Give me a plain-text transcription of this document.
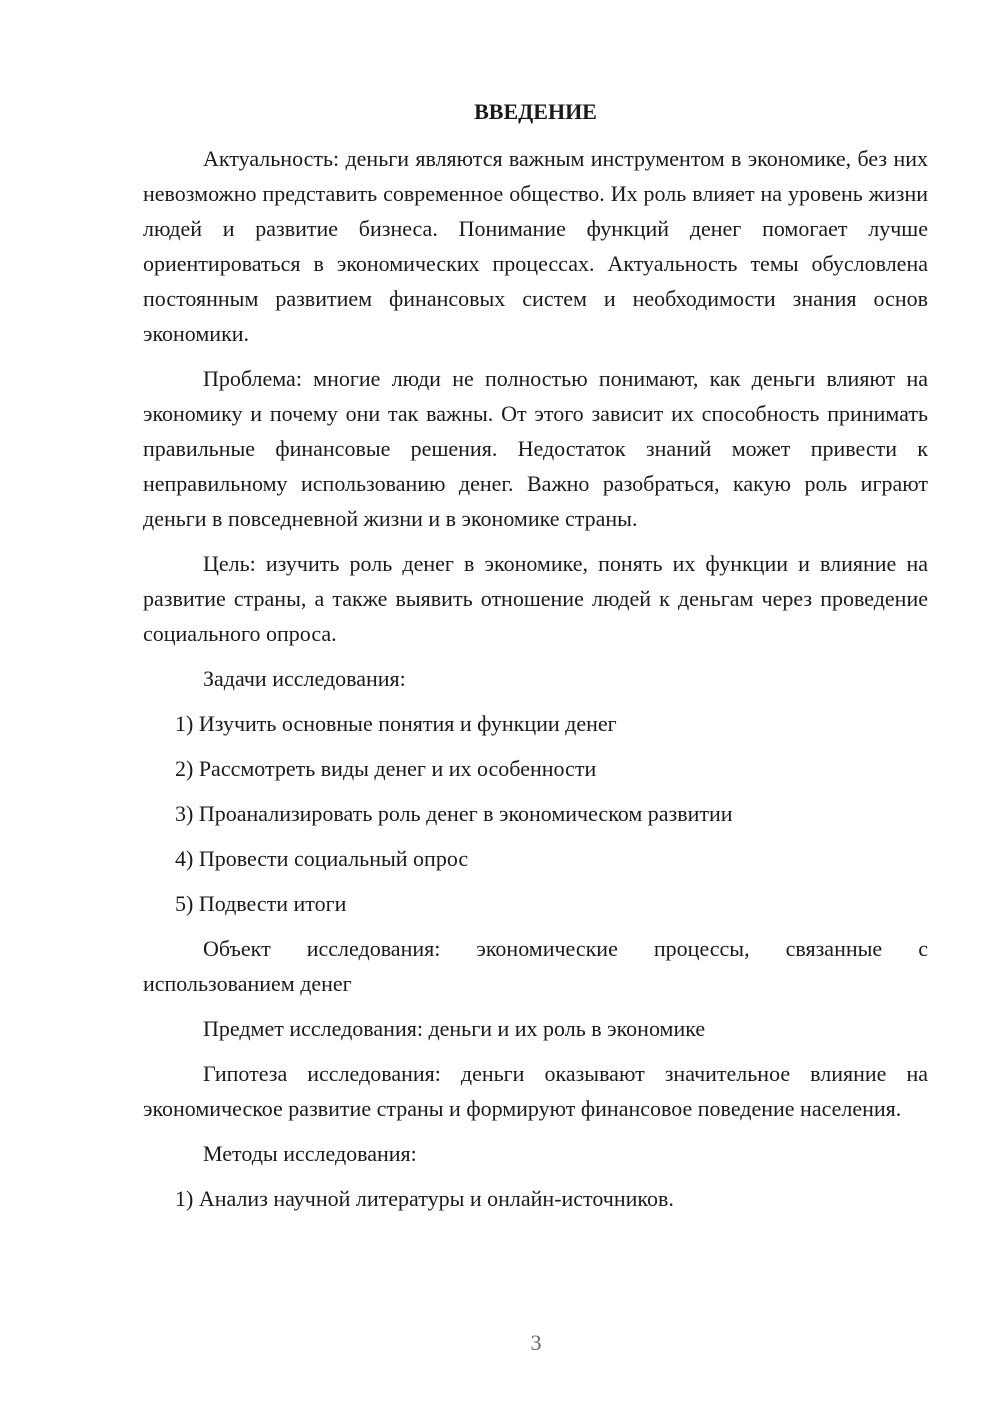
ВВЕДЕНИЕ

Актуальность: деньги являются важным инструментом в экономике, без них невозможно представить современное общество. Их роль влияет на уровень жизни людей и развитие бизнеса. Понимание функций денег помогает лучше ориентироваться в экономических процессах. Актуальность темы обусловлена постоянным развитием финансовых систем и необходимости знания основ экономики.

Проблема: многие люди не полностью понимают, как деньги влияют на экономику и почему они так важны. От этого зависит их способность принимать правильные финансовые решения. Недостаток знаний может привести к неправильному использованию денег. Важно разобраться, какую роль играют деньги в повседневной жизни и в экономике страны.

Цель: изучить роль денег в экономике, понять их функции и влияние на развитие страны, а также выявить отношение людей к деньгам через проведение социального опроса.

Задачи исследования:

1) Изучить основные понятия и функции денег
2) Рассмотреть виды денег и их особенности
3) Проанализировать роль денег в экономическом развитии
4) Провести социальный опрос
5) Подвести итоги

Объект исследования: экономические процессы, связанные с использованием денег

Предмет исследования: деньги и их роль в экономике

Гипотеза исследования: деньги оказывают значительное влияние на экономическое развитие страны и формируют финансовое поведение населения.

Методы исследования:

1) Анализ научной литературы и онлайн-источников.
3
